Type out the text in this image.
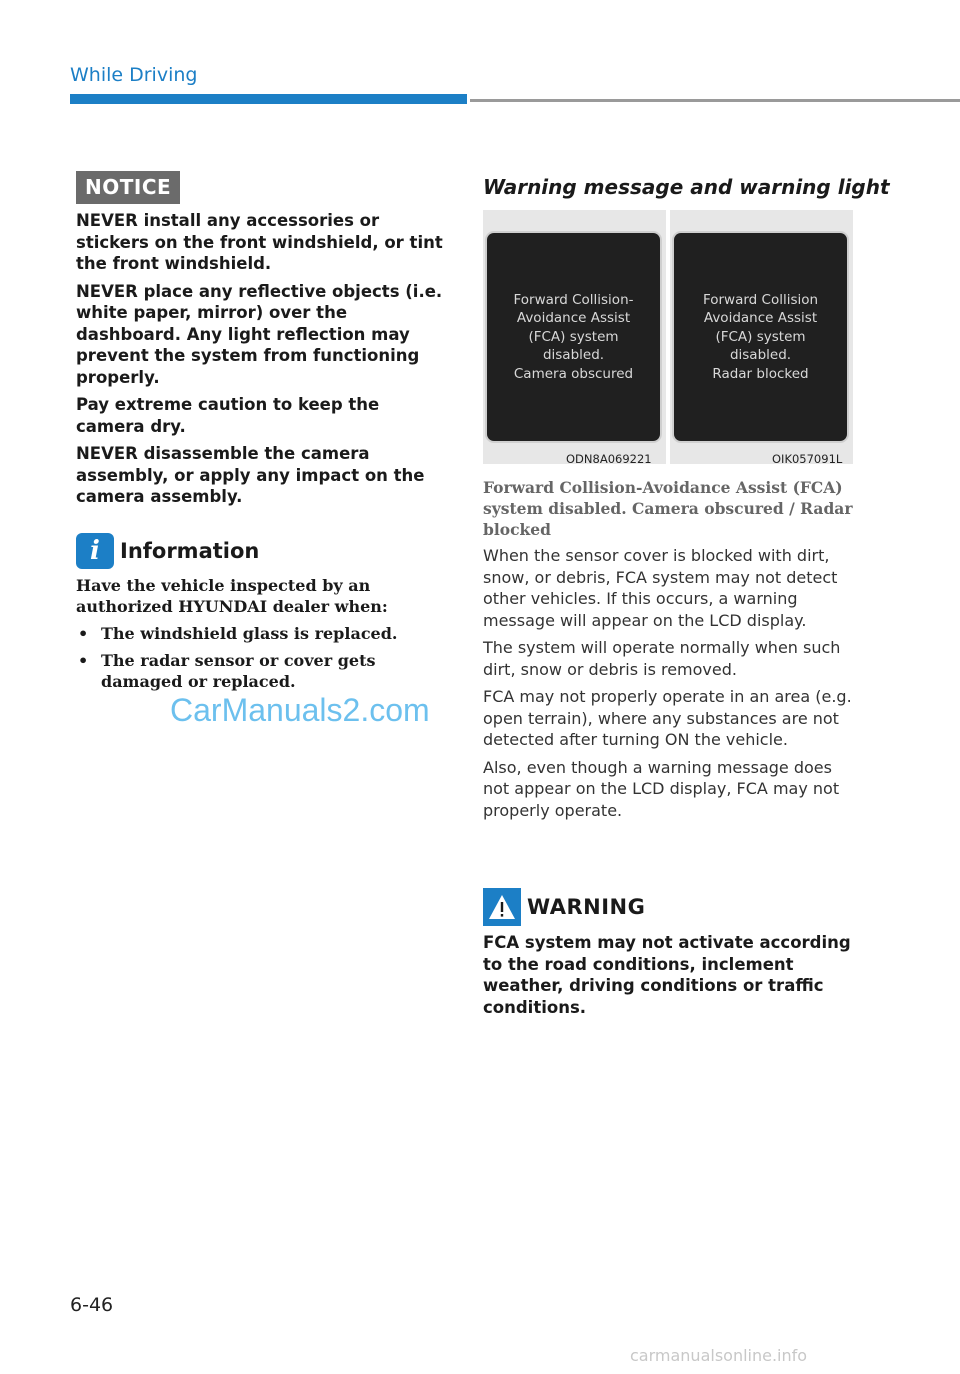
While Driving
NOTICE

NEVER install any accessories or stickers on the front windshield, or tint the front windshield.

NEVER place any reflective objects (i.e. white paper, mirror) over the dashboard. Any light reflection may prevent the system from functioning properly.

Pay extreme caution to keep the camera dry.

NEVER disassemble the camera assembly, or apply any impact on the camera assembly.

i Information

Have the vehicle inspected by an authorized HYUNDAI dealer when:

• The windshield glass is replaced.
• The radar sensor or cover gets damaged or replaced.
CarManuals2.com
Warning message and warning light
Forward Collision-
Avoidance Assist
(FCA) system
disabled.
Camera obscured
ODN8A069221
Forward Collision
Avoidance Assist
(FCA) system
disabled.
Radar blocked
OIK057091L
Forward Collision-Avoidance Assist (FCA) system disabled. Camera obscured / Radar blocked

When the sensor cover is blocked with dirt, snow, or debris, FCA system may not detect other vehicles. If this occurs, a warning message will appear on the LCD display.

The system will operate normally when such dirt, snow or debris is removed.

FCA may not properly operate in an area (e.g. open terrain), where any substances are not detected after turning ON the vehicle.

Also, even though a warning message does not appear on the LCD display, FCA may not properly operate.

WARNING
FCA system may not activate according to the road conditions, inclement weather, driving conditions or traffic conditions.
6-46
carmanualsonline.info
